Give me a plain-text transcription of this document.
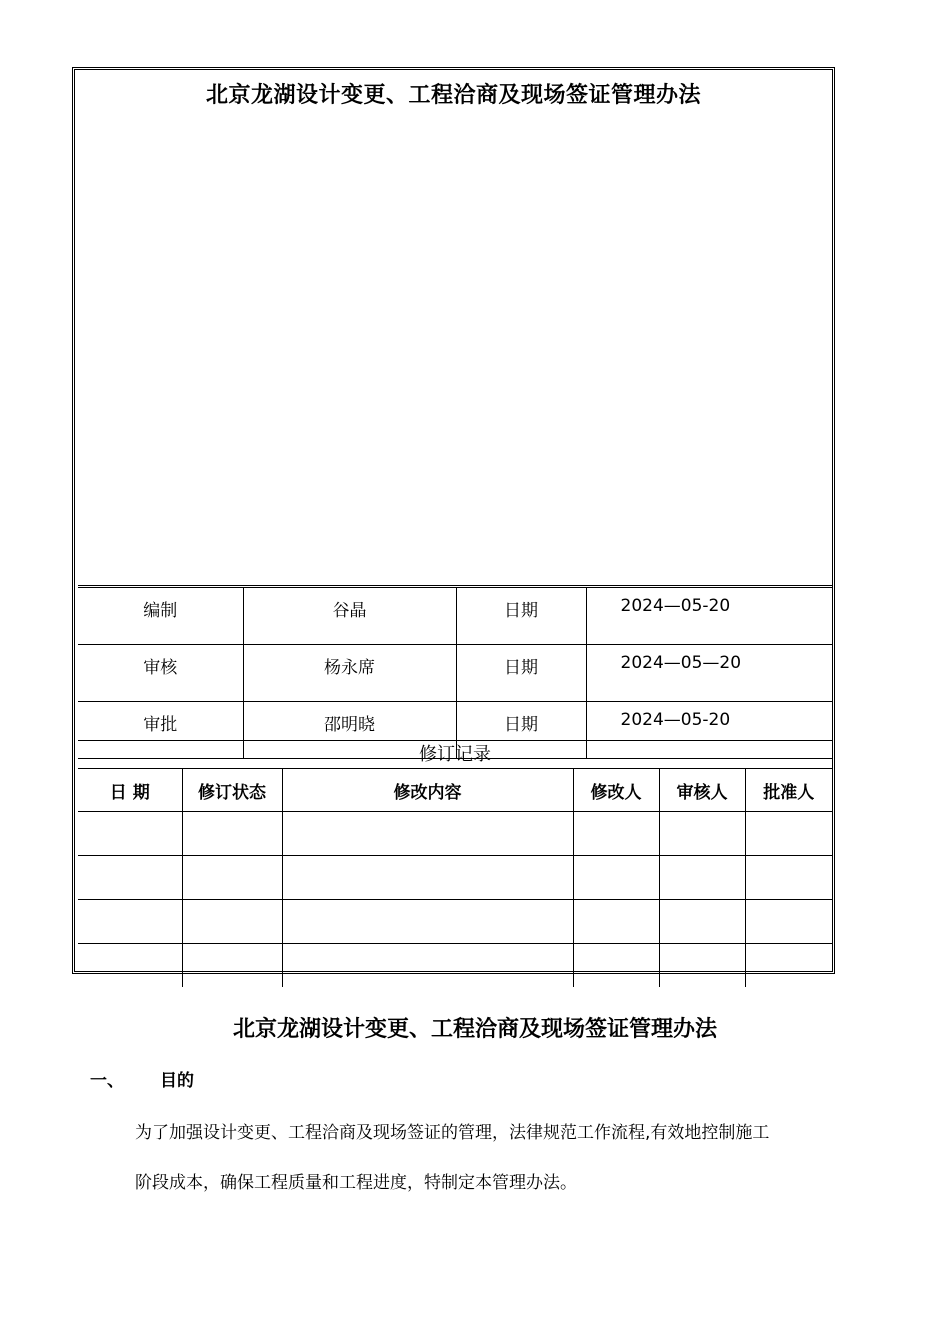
北京龙湖设计变更、工程洽商及现场签证管理办法
编制	谷晶	日期	2024—05-20
审核	杨永席	日期	2024—05—20
审批	邵明晓	日期	2024—05-20
修订记录
日 期	修订状态	修改内容	修改人	审核人	批准人

北京龙湖设计变更、工程洽商及现场签证管理办法
一、 目的
为了加强设计变更、工程洽商及现场签证的管理，法律规范工作流程,有效地控制施工
阶段成本，确保工程质量和工程进度，特制定本管理办法。
